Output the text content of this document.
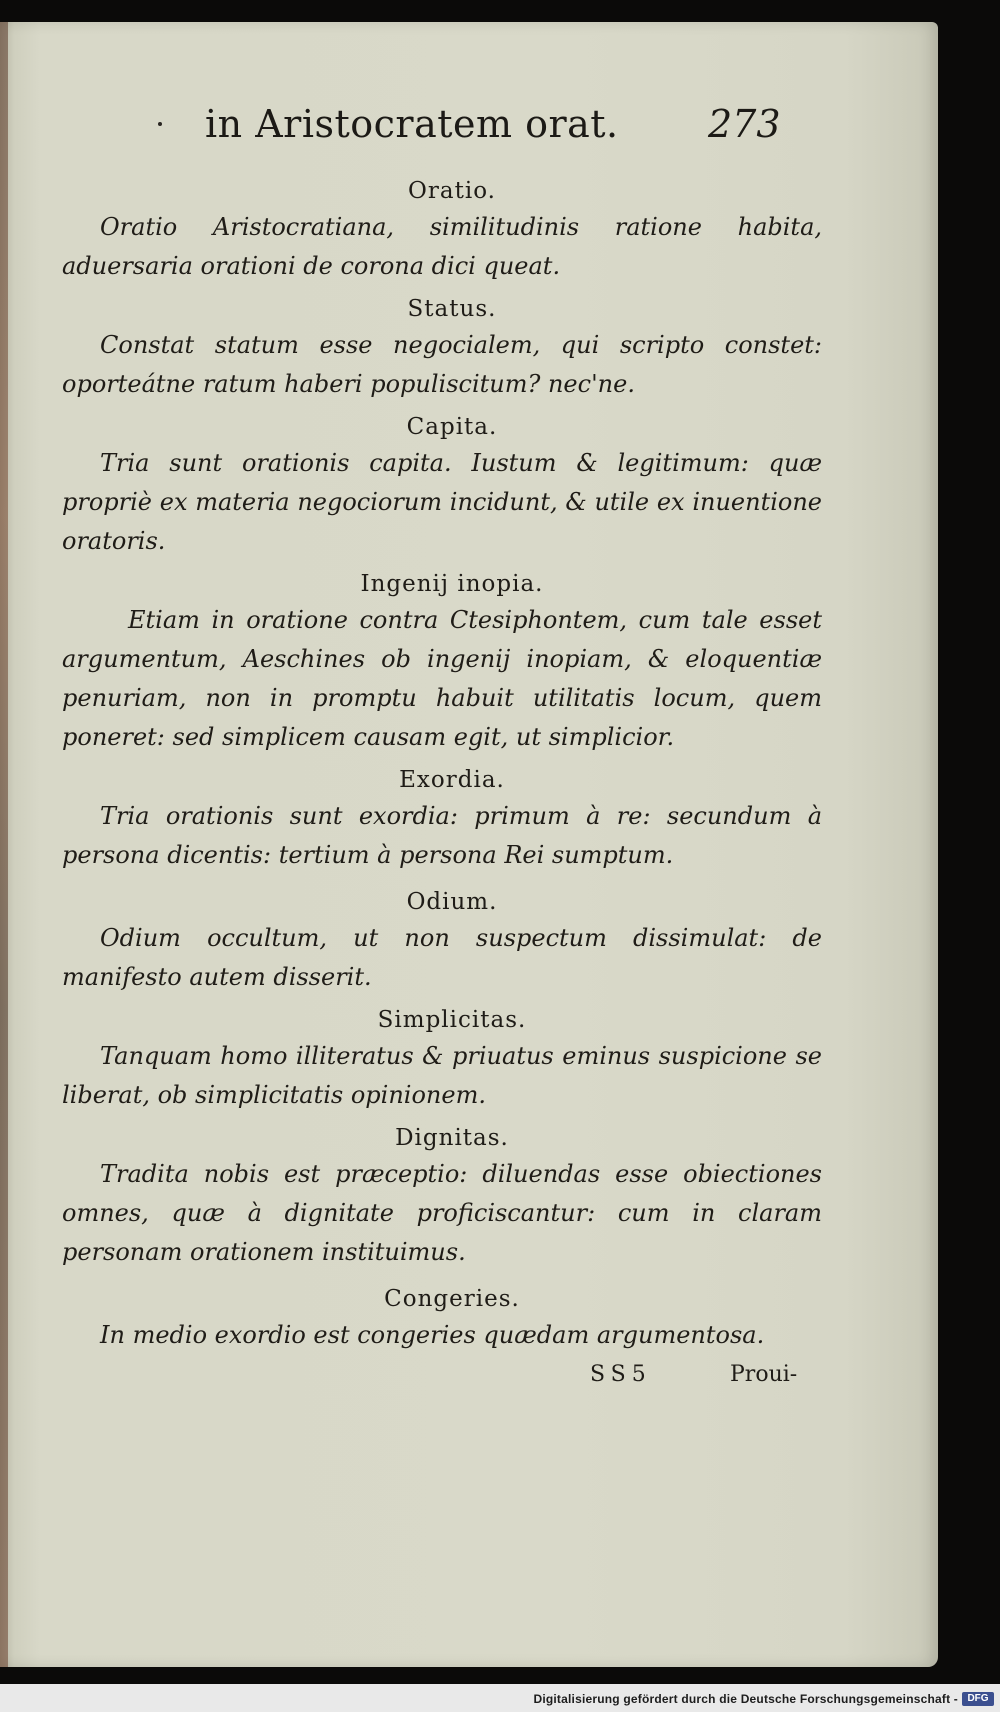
in Aristocratem orat. 273
Oratio.

Oratio Aristocratiana, similitudinis ratione habita, aduersaria orationi de corona dici queat.

Status.

Constat statum esse negocialem, qui scripto constet: oporteátne ratum haberi populiscitum? nec'ne.

Capita.

Tria sunt orationis capita. Iustum & legitimum: quæ propriè ex materia negociorum incidunt, & utile ex inuentione oratoris.

Ingenij inopia.

Etiam in oratione contra Ctesiphontem, cum tale esset argumentum, Aeschines ob ingenij inopiam, & eloquentiæ penuriam, non in promptu habuit utilitatis locum, quem poneret: sed simplicem causam egit, ut simplicior.

Exordia.

Tria orationis sunt exordia: primum à re: secundum à persona dicentis: tertium à persona Rei sumptum.

Odium.

Odium occultum, ut non suspectum dissimulat: de manifesto autem disserit.

Simplicitas.

Tanquam homo illiteratus & priuatus eminus suspicione se liberat, ob simplicitatis opinionem.

Dignitas.

Tradita nobis est præceptio: diluendas esse obiectiones omnes, quæ à dignitate proficiscantur: cum in claram personam orationem instituimus.

Congeries.

In medio exordio est congeries quædam argumentosa.

SS5	Proui-
Digitalisierung gefördert durch die Deutsche Forschungsgemeinschaft - DFG
